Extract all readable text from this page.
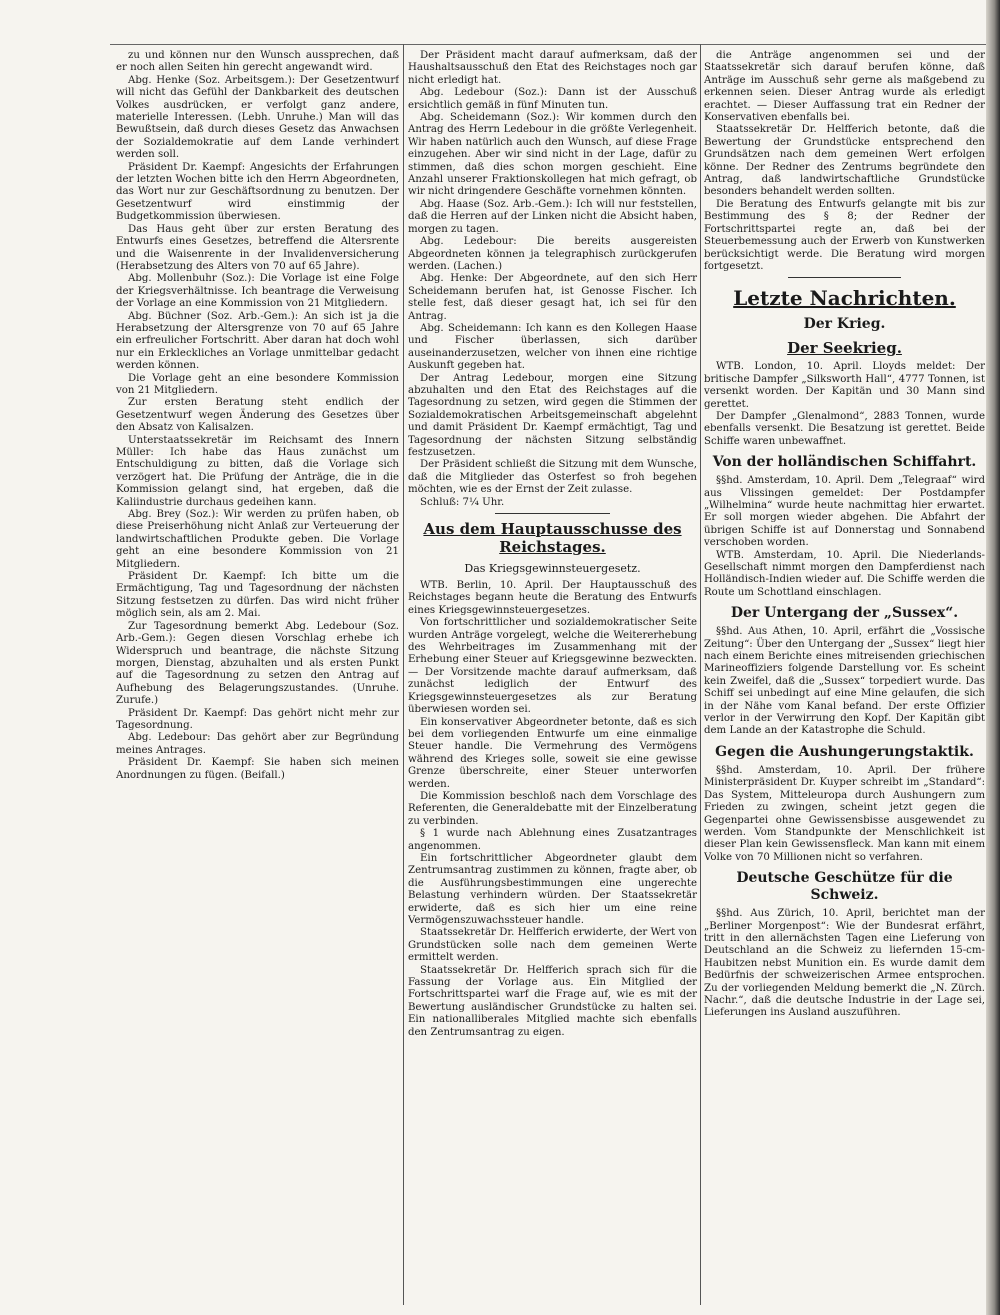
zu und können nur den Wunsch aussprechen, daß er noch allen Seiten hin gerecht angewandt wird.

Abg. Henke (Soz. Arbeitsgem.): Der Gesetzentwurf will nicht das Gefühl der Dankbarkeit des deutschen Volkes ausdrücken, er verfolgt ganz andere, materielle Interessen. (Lebh. Unruhe.) Man will das Bewußtsein, daß durch dieses Gesetz das Anwachsen der Sozialdemokratie auf dem Lande verhindert werden soll.

Präsident Dr. Kaempf: Angesichts der Erfahrungen der letzten Wochen bitte ich den Herrn Abgeordneten, das Wort nur zur Geschäftsordnung zu benutzen. Der Gesetzentwurf wird einstimmig der Budgetkommission überwiesen.

Das Haus geht über zur ersten Beratung des Entwurfs eines Gesetzes, betreffend die Altersrente und die Waisenrente in der Invalidenversicherung (Herabsetzung des Alters von 70 auf 65 Jahre).

Abg. Mollenbuhr (Soz.): Die Vorlage ist eine Folge der Kriegsverhältnisse. Ich beantrage die Verweisung der Vorlage an eine Kommission von 21 Mitgliedern.

Abg. Büchner (Soz. Arb.-Gem.): An sich ist ja die Herabsetzung der Altersgrenze von 70 auf 65 Jahre ein erfreulicher Fortschritt. Aber daran hat doch wohl nur ein Erkleckliches an Vorlage unmittelbar gedacht werden können.

Die Vorlage geht an eine besondere Kommission von 21 Mitgliedern.

Zur ersten Beratung steht endlich der Gesetzentwurf wegen Änderung des Gesetzes über den Absatz von Kalisalzen.

Unterstaatssekretär im Reichsamt des Innern Müller: Ich habe das Haus zunächst um Entschuldigung zu bitten, daß die Vorlage sich verzögert hat. Die Prüfung der Anträge, die in die Kommission gelangt sind, hat ergeben, daß die Kaliindustrie durchaus gedeihen kann.

Abg. Brey (Soz.): Wir werden zu prüfen haben, ob diese Preiserhöhung nicht Anlaß zur Verteuerung der landwirtschaftlichen Produkte geben. Die Vorlage geht an eine besondere Kommission von 21 Mitgliedern.

Präsident Dr. Kaempf: Ich bitte um die Ermächtigung, Tag und Tagesordnung der nächsten Sitzung festsetzen zu dürfen. Das wird nicht früher möglich sein, als am 2. Mai.

Zur Tagesordnung bemerkt Abg. Ledebour (Soz. Arb.-Gem.): Gegen diesen Vorschlag erhebe ich Widerspruch und beantrage, die nächste Sitzung morgen, Dienstag, abzuhalten und als ersten Punkt auf die Tagesordnung zu setzen den Antrag auf Aufhebung des Belagerungszustandes. (Unruhe. Zurufe.)

Präsident Dr. Kaempf: Das gehört nicht mehr zur Tagesordnung.

Abg. Ledebour: Das gehört aber zur Begründung meines Antrages.

Präsident Dr. Kaempf: Sie haben sich meinen Anordnungen zu fügen. (Beifall.)

Der Präsident macht darauf aufmerksam, daß der Haushaltsausschuß den Etat des Reichstages noch gar nicht erledigt hat.

Abg. Ledebour (Soz.): Dann ist der Ausschuß ersichtlich gemäß in fünf Minuten tun.

Abg. Scheidemann (Soz.): Wir kommen durch den Antrag des Herrn Ledebour in die größte Verlegenheit. Wir haben natürlich auch den Wunsch, auf diese Frage einzugehen. Aber wir sind nicht in der Lage, dafür zu stimmen, daß dies schon morgen geschieht. Eine Anzahl unserer Fraktionskollegen hat mich gefragt, ob wir nicht dringendere Geschäfte vornehmen könnten.

Abg. Haase (Soz. Arb.-Gem.): Ich will nur feststellen, daß die Herren auf der Linken nicht die Absicht haben, morgen zu tagen.

Abg. Ledebour: Die bereits ausgereisten Abgeordneten können ja telegraphisch zurückgerufen werden. (Lachen.)

Abg. Henke: Der Abgeordnete, auf den sich Herr Scheidemann berufen hat, ist Genosse Fischer. Ich stelle fest, daß dieser gesagt hat, ich sei für den Antrag.

Abg. Scheidemann: Ich kann es den Kollegen Haase und Fischer überlassen, sich darüber auseinanderzusetzen, welcher von ihnen eine richtige Auskunft gegeben hat.

Der Antrag Ledebour, morgen eine Sitzung abzuhalten und den Etat des Reichstages auf die Tagesordnung zu setzen, wird gegen die Stimmen der Sozialdemokratischen Arbeitsgemeinschaft abgelehnt und damit Präsident Dr. Kaempf ermächtigt, Tag und Tagesordnung der nächsten Sitzung selbständig festzusetzen.

Der Präsident schließt die Sitzung mit dem Wunsche, daß die Mitglieder das Osterfest so froh begehen möchten, wie es der Ernst der Zeit zulasse.

Schluß: 7¼ Uhr.

Aus dem Hauptausschusse des Reichstages.

Das Kriegsgewinnsteuergesetz.

WTB. Berlin, 10. April. Der Hauptausschuß des Reichstages begann heute die Beratung des Entwurfs eines Kriegsgewinnsteuergesetzes.

Von fortschrittlicher und sozialdemokratischer Seite wurden Anträge vorgelegt, welche die Weitererhebung des Wehrbeitrages im Zusammenhang mit der Erhebung einer Steuer auf Kriegsgewinne bezweckten. — Der Vorsitzende machte darauf aufmerksam, daß zunächst lediglich der Entwurf des Kriegsgewinnsteuergesetzes als zur Beratung überwiesen worden sei.

Ein konservativer Abgeordneter betonte, daß es sich bei dem vorliegenden Entwurfe um eine einmalige Steuer handle. Die Vermehrung des Vermögens während des Krieges solle, soweit sie eine gewisse Grenze überschreite, einer Steuer unterworfen werden.

Die Kommission beschloß nach dem Vorschlage des Referenten, die Generaldebatte mit der Einzelberatung zu verbinden.

§ 1 wurde nach Ablehnung eines Zusatzantrages angenommen.

Ein fortschrittlicher Abgeordneter glaubt dem Zentrumsantrag zustimmen zu können, fragte aber, ob die Ausführungsbestimmungen eine ungerechte Belastung verhindern würden. Der Staatssekretär erwiderte, daß es sich hier um eine reine Vermögenszuwachssteuer handle.

Staatssekretär Dr. Helfferich erwiderte, der Wert von Grundstücken solle nach dem gemeinen Werte ermittelt werden.

Staatssekretär Dr. Helfferich sprach sich für die Fassung der Vorlage aus. Ein Mitglied der Fortschrittspartei warf die Frage auf, wie es mit der Bewertung ausländischer Grundstücke zu halten sei. Ein nationalliberales Mitglied machte sich ebenfalls den Zentrumsantrag zu eigen.

die Anträge angenommen sei und der Staatssekretär sich darauf berufen könne, daß Anträge im Ausschuß sehr gerne als maßgebend zu erkennen seien. Dieser Antrag wurde als erledigt erachtet. — Dieser Auffassung trat ein Redner der Konservativen ebenfalls bei.

Staatssekretär Dr. Helfferich betonte, daß die Bewertung der Grundstücke entsprechend den Grundsätzen nach dem gemeinen Wert erfolgen könne. Der Redner des Zentrums begründete den Antrag, daß landwirtschaftliche Grundstücke besonders behandelt werden sollten.

Die Beratung des Entwurfs gelangte mit bis zur Bestimmung des § 8; der Redner der Fortschrittspartei regte an, daß bei der Steuerbemessung auch der Erwerb von Kunstwerken berücksichtigt werde. Die Beratung wird morgen fortgesetzt.

Letzte Nachrichten.

Der Krieg.

Der Seekrieg.

WTB. London, 10. April. Lloyds meldet: Der britische Dampfer „Silksworth Hall“, 4777 Tonnen, ist versenkt worden. Der Kapitän und 30 Mann sind gerettet.

Der Dampfer „Glenalmond“, 2883 Tonnen, wurde ebenfalls versenkt. Die Besatzung ist gerettet. Beide Schiffe waren unbewaffnet.

Von der holländischen Schiffahrt.

§§hd. Amsterdam, 10. April. Dem „Telegraaf“ wird aus Vlissingen gemeldet: Der Postdampfer „Wilhelmina“ wurde heute nachmittag hier erwartet. Er soll morgen wieder abgehen. Die Abfahrt der übrigen Schiffe ist auf Donnerstag und Sonnabend verschoben worden.

WTB. Amsterdam, 10. April. Die Niederlands-Gesellschaft nimmt morgen den Dampferdienst nach Holländisch-Indien wieder auf. Die Schiffe werden die Route um Schottland einschlagen.

Der Untergang der „Sussex“.

§§hd. Aus Athen, 10. April, erfährt die „Vossische Zeitung“: Über den Untergang der „Sussex“ liegt hier nach einem Berichte eines mitreisenden griechischen Marineoffiziers folgende Darstellung vor. Es scheint kein Zweifel, daß die „Sussex“ torpediert wurde. Das Schiff sei unbedingt auf eine Mine gelaufen, die sich in der Nähe vom Kanal befand. Der erste Offizier verlor in der Verwirrung den Kopf. Der Kapitän gibt dem Lande an der Katastrophe die Schuld.

Gegen die Aushungerungstaktik.

§§hd. Amsterdam, 10. April. Der frühere Ministerpräsident Dr. Kuyper schreibt im „Standard“: Das System, Mitteleuropa durch Aushungern zum Frieden zu zwingen, scheint jetzt gegen die Gegenpartei ohne Gewissensbisse ausgewendet zu werden. Vom Standpunkte der Menschlichkeit ist dieser Plan kein Gewissensfleck. Man kann mit einem Volke von 70 Millionen nicht so verfahren.

Deutsche Geschütze für die Schweiz.

§§hd. Aus Zürich, 10. April, berichtet man der „Berliner Morgenpost“: Wie der Bundesrat erfährt, tritt in den allernächsten Tagen eine Lieferung von Deutschland an die Schweiz zu liefernden 15-cm-Haubitzen nebst Munition ein. Es wurde damit dem Bedürfnis der schweizerischen Armee entsprochen. Zu der vorliegenden Meldung bemerkt die „N. Zürch. Nachr.“, daß die deutsche Industrie in der Lage sei, Lieferungen ins Ausland auszuführen.
